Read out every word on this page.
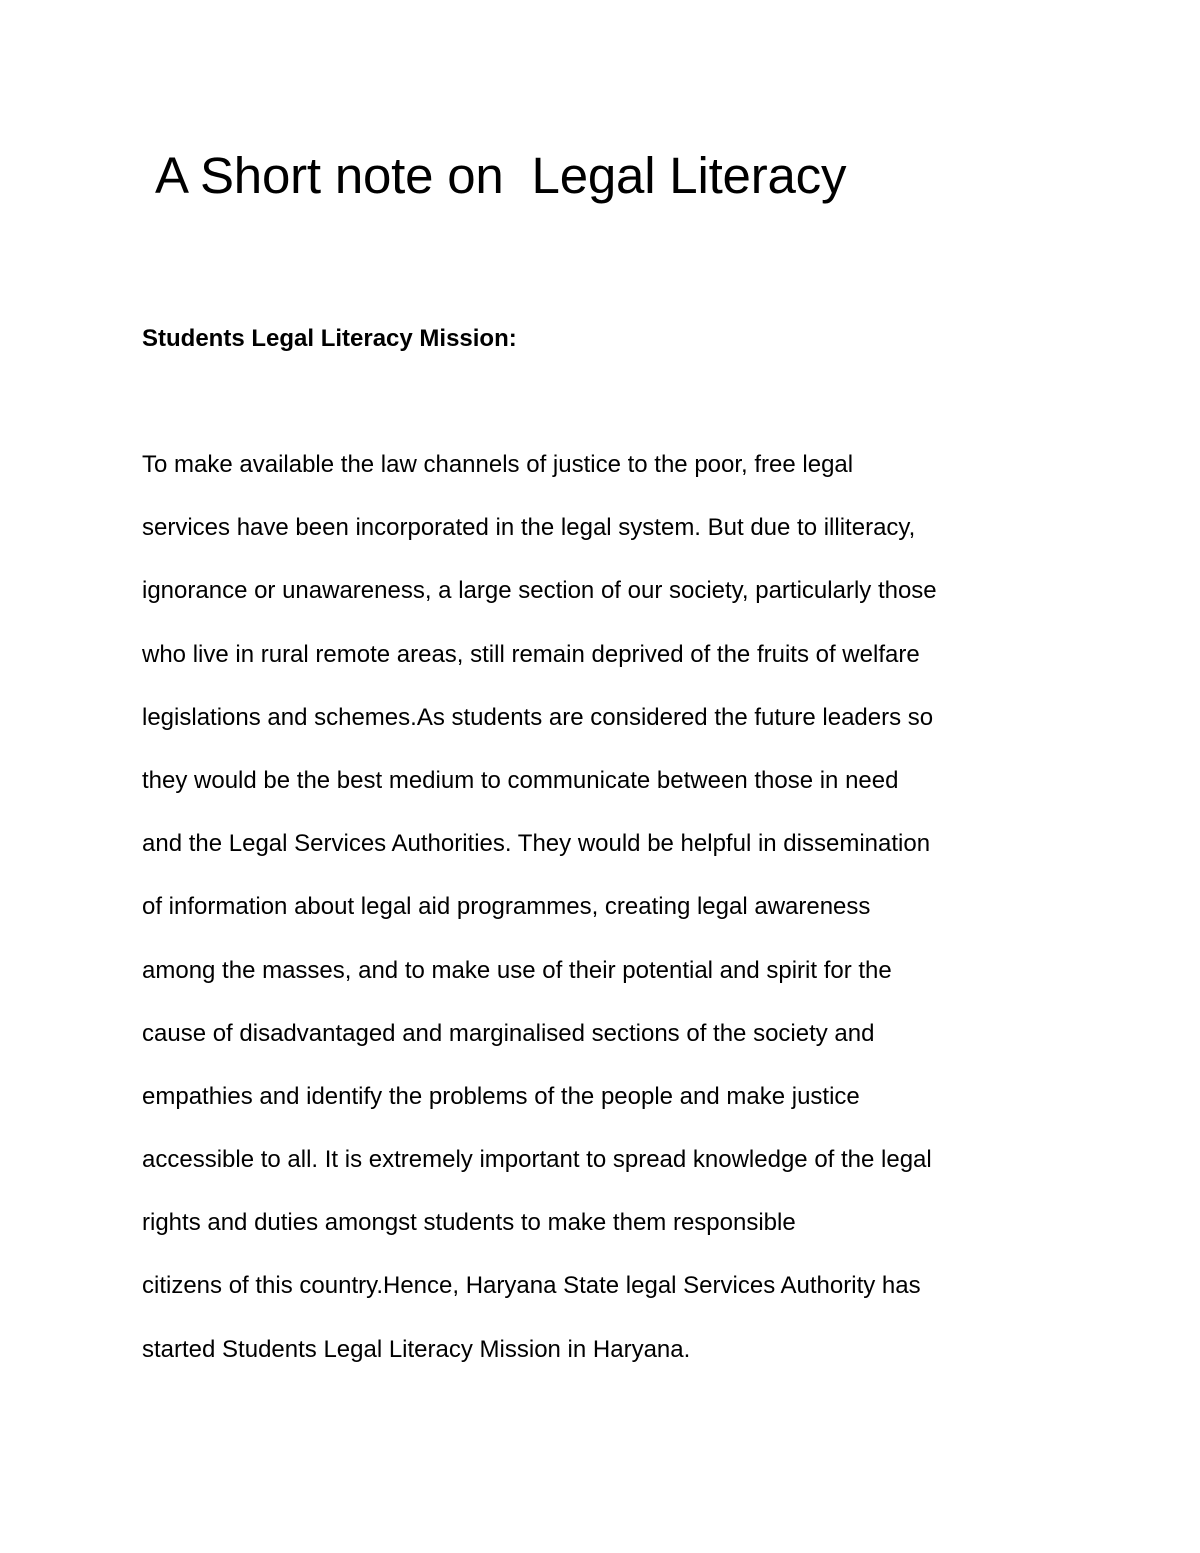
A Short note on  Legal Literacy
Students Legal Literacy Mission:
To make available the law channels of justice to the poor, free legal
services have been incorporated in the legal system. But due to illiteracy,
ignorance or unawareness, a large section of our society, particularly those
who live in rural remote areas, still remain deprived of the fruits of welfare
legislations and schemes.As students are considered the future leaders so
they would be the best medium to communicate between those in need
and the Legal Services Authorities. They would be helpful in dissemination
of information about legal aid programmes, creating legal awareness
among the masses, and to make use of their potential and spirit for the
cause of disadvantaged and marginalised sections of the society and
empathies and identify the problems of the people and make justice
accessible to all. It is extremely important to spread knowledge of the legal
rights and duties amongst students to make them responsible
citizens of this country.Hence, Haryana State legal Services Authority has
started Students Legal Literacy Mission in Haryana.
